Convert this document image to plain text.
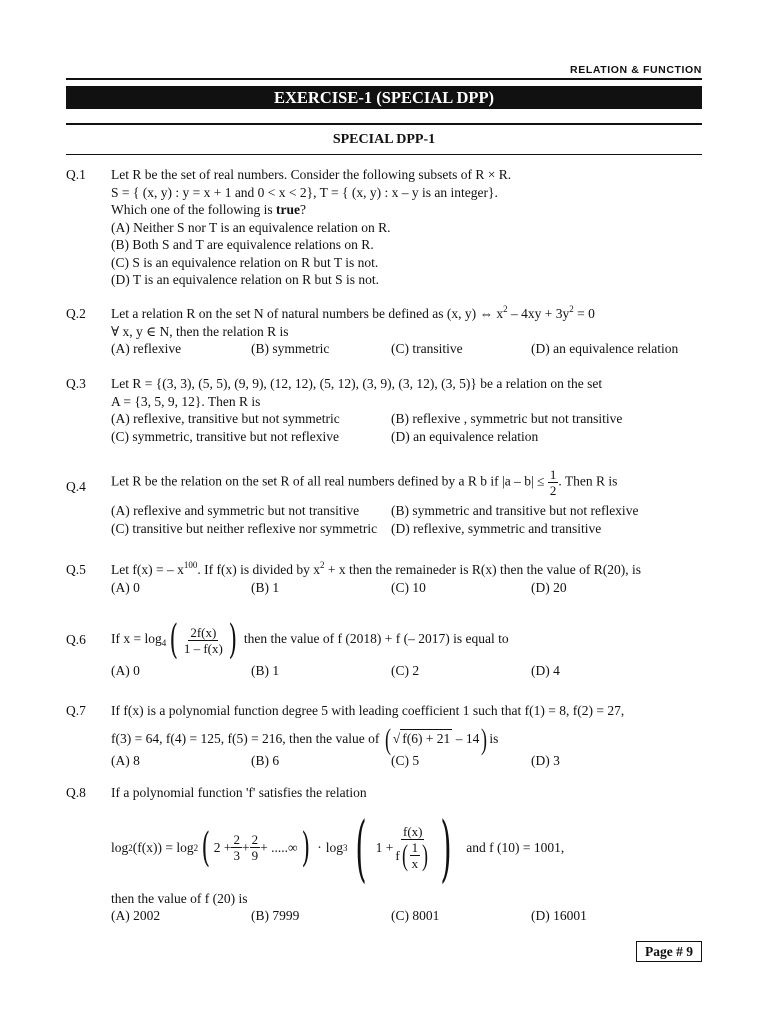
RELATION & FUNCTION
EXERCISE-1 (SPECIAL DPP)
SPECIAL DPP-1
Q.1	Let R be the set of real numbers. Consider the following subsets of R × R.
S = { (x, y) : y = x + 1 and 0 < x < 2}, T = { (x, y) : x – y is an integer}.
Which one of the following is true?
(A) Neither S nor T is an equivalence relation on R.
(B) Both S and T are equivalence relations on R.
(C) S is an equivalence relation on R but T is not.
(D) T is an equivalence relation on R but S is not.
Q.2	Let a relation R on the set N of natural numbers be defined as (x, y) ⇔ $x^2 - 4xy + 3y^2 = 0$
∀ x, y ∈ N, then the relation R is
(A) reflexive	(B) symmetric	(C) transitive	(D) an equivalence relation
Q.3	Let R = {(3, 3), (5, 5), (9, 9), (12, 12), (5, 12), (3, 9), (3, 12), (3, 5)} be a relation on the set
A = {3, 5, 9, 12}. Then R is
(A) reflexive, transitive but not symmetric	(B) reflexive , symmetric but not transitive
(C) symmetric, transitive but not reflexive	(D) an equivalence relation
Q.4	Let R be the relation on the set R of all real numbers defined by a R b if $|a - b| \le \frac{1}{2}$ . Then R is
(A) reflexive and symmetric but not transitive	(B) symmetric and transitive but not reflexive
(C) transitive but neither reflexive nor symmetric	(D) reflexive, symmetric and transitive
Q.5	Let f(x) = – $x^{100}$. If f(x) is divided by $x^2 + x$ then the remaineder is R(x) then the value of R(20), is
(A) 0	(B) 1	(C) 10	(D) 20
Q.6	If $x = \log_4( \frac{2f(x)}{1 - f(x)}$ ) then the value of f (2018) + f (– 2017) is equal to
(A) 0	(B) 1	(C) 2	(D) 4
Q.7	If f(x) is a polynomial function degree 5 with leading coefficient 1 such that f(1) = 8, f(2) = 27,
f(3) = 64, f(4) = 125, f(5) = 216, then the value of ( √ f(6) + 21 – 14) is
(A) 8	(B) 6	(C) 5	(D) 3
Q.8	If a polynomial function 'f' satisfies the relation
log 2 (f(x)) = log 2 ( $2 + \frac{2}{3} + \frac{2}{9}$ + .....∞ ) · log 3 ( $1 + \frac{f(x)}{f ( \frac{1}{x} )}$ ) and f (10) = 1001,
then the value of f (20) is
(A) 2002	(B) 7999	(C) 8001	(D) 16001
Page # 9
